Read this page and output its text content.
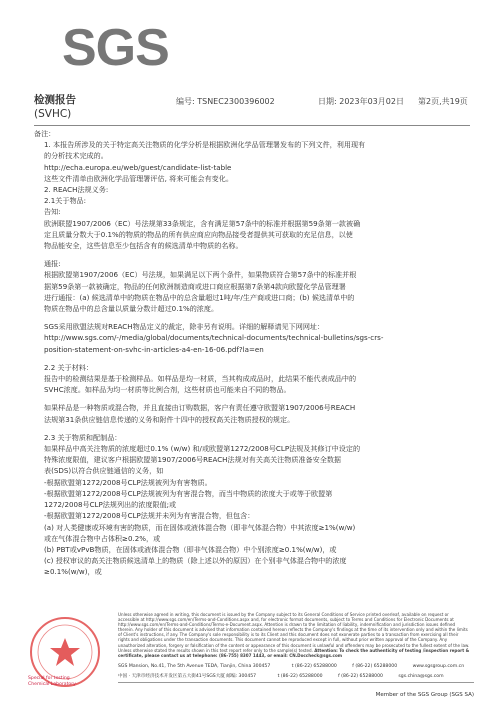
SGS
检测报告
(SVHC)
编号: TSNEC2300396002	日期: 2023年03月02日 第2页,共19页
备注：
1. 本报告所涉及的关于特定高关注物质的化学分析是根据欧洲化学品管理署发布的下列文件，利用现有
的分析技术完成的。
http://echa.europa.eu/web/guest/candidate-list-table
这些文件清单由欧洲化学品管理署评估, 将来可能会有变化。
2. REACH法规义务:
2.1关于物品:
告知:
欧洲联盟1907/2006（EC）号法规第33条规定，含有满足第57条中的标准并根据第59条第一款被确
定且质量分数大于0.1%的物质的物品的所有供应商应向物品接受者提供其可获取的充足信息，以使
物品能安全，这些信息至少包括含有的候选清单中物质的名称。
通报:
根据欧盟第1907/2006（EC）号法规，如果满足以下两个条件，如果物质符合第57条中的标准并根
据第59条第一款被确定，物品的任何欧洲制造商或进口商应根据第7条第4款向欧盟化学品管理署
进行通报：(a) 候选清单中的物质在物品中的总含量超过1吨/年/生产商或进口商；(b) 候选清单中的
物质在物品中的总含量以质量分数计超过0.1%的浓度。
SGS采用欧盟法规对REACH物品定义的裁定，除非另有说明。详细的解释请见下网网址：
http://www.sgs.com/-/media/global/documents/technical-documents/technical-bulletins/sgs-crs-
position-statement-on-svhc-in-articles-a4-en-16-06.pdf?la=en
2.2 关于材料：
报告中的检测结果是基于检测样品。如样品是均一材质，当其构成成品时，此结果不能代表成品中的
SVHC浓度。如样品为均一材质等比例合剂，这些材质也可能来自不同的物品。
如果样品是一种物质或混合物，并且直接由订购数据，客户有责任遵守欧盟第1907/2006号REACH
法规第31条供应链信息传递的义务和附件十四中的授权高关注物质授权的规定。
2.3 关于物质和配制品：
如果样品中高关注物质的浓度超过0.1% (w/w) 和/或欧盟第1272/2008号CLP法规及其修订中设定的
特殊浓度限值，建议客户根据欧盟第1907/2006号REACH法规对有关高关注物质准备安全数据
表(SDS)以符合供应链通信的义务，如
-根据欧盟第1272/2008号CLP法规被列为有害物质。
-根据欧盟第1272/2008号CLP法规被列为有害混合物，而当中物质的浓度大于或等于欧盟第
1272/2008号CLP法规列出的浓度限值;或
-根据欧盟第1272/2008号CLP法规并未列为有害混合物，但包含：
(a) 对人类健康或环境有害的物质，而在固体或液体混合物（即非气体混合物）中其浓度≥1%(w/w)
或在气体混合物中占体积≥0.2%，或
(b) PBT或vPvB物质，在固体或液体混合物（即非气体混合物）中个别浓度≥0.1%(w/w)，或
(c) 授权审议的高关注物质候选清单上的物质（除上述以外的原因）在个别非气体混合物中的浓度
≥0.1%(w/w)，或
Special for testing
Chemical Laboratory
Unless otherwise agreed in writing, this document is issued by the Company subject to its General Conditions of Service printed overleaf, available on request or accessible at http://www.sgs.com/en/Terms-and-Conditions.aspx and, for electronic format documents, subject to Terms and Conditions for Electronic Documents at http://www.sgs.com/en/Terms-and-Conditions/Terms-e-Document.aspx. Attention is drawn to the limitation of liability, indemnification and jurisdiction issues defined therein. Any holder of this document is advised that information contained hereon reflects the Company's findings at the time of its intervention only and within the limits of Client's instructions, if any. The Company's sole responsibility is to its Client and this document does not exonerate parties to a transaction from exercising all their rights and obligations under the transaction documents. This document cannot be reproduced except in full, without prior written approval of the Company. Any unauthorized alteration, forgery or falsification of the content or appearance of this document is unlawful and offenders may be prosecuted to the fullest extent of the law. Unless otherwise stated the results shown in this test report refer only to the sample(s) tested. Attention: To check the authenticity of testing /inspection report & certificate, please contact us at telephone: (86-755) 8307 1443, or email: CN.Doccheck@sgs.com
SGS Mansion, No.41, The 5th Avenue TEDA, Tianjin, China 300457	t (86-22) 65288000	f (86-22) 65288000	www.sgsgroup.com.cn
中国 · 天津市经济技术开发区第五大街41号SGS大厦 邮编: 300457	t (86-22) 65288000	f (86-22) 65288000	sgs.china@sgs.com
Member of the SGS Group (SGS SA)
